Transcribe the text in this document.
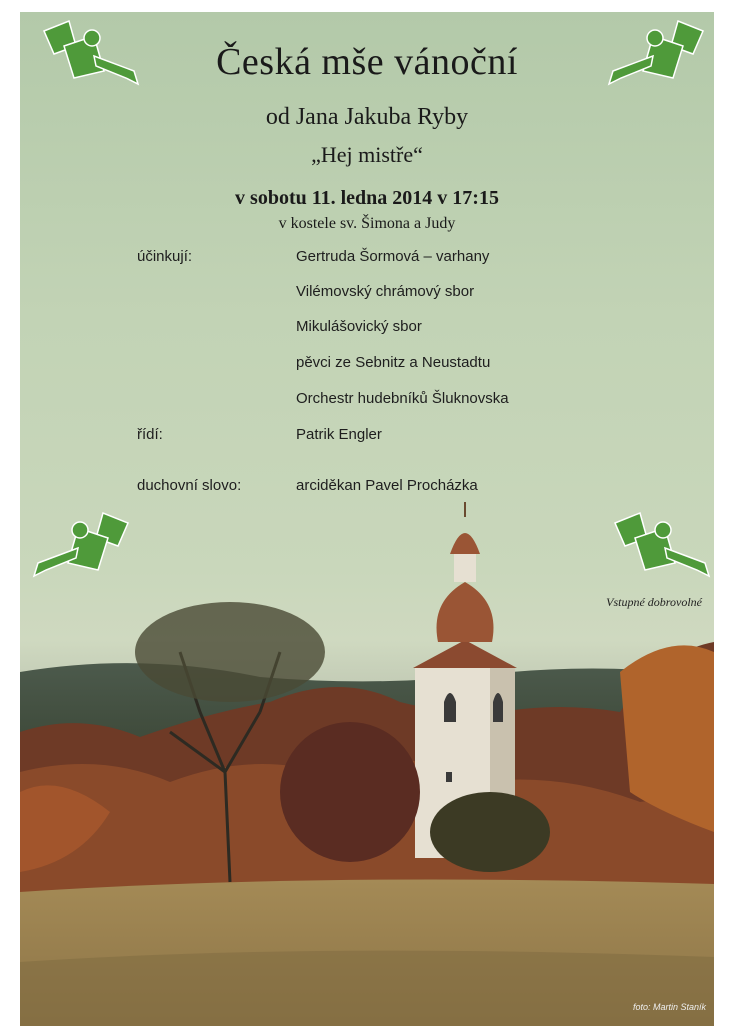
Česká mše vánoční
od Jana Jakuba Ryby
„Hej mistře“
v sobotu 11. ledna 2014 v 17:15
v kostele sv. Šimona a Judy
účinkují:	Gertruda Šormová – varhany
Vilémovský chrámový sbor
Mikulášovický sbor
pěvci ze Sebnitz a Neustadtu
Orchestr hudebníků Šluknovska
řídí:	Patrik Engler
duchovní slovo:	arciděkan Pavel Procházka
Vstupné dobrovolné
foto: Martin Staník
